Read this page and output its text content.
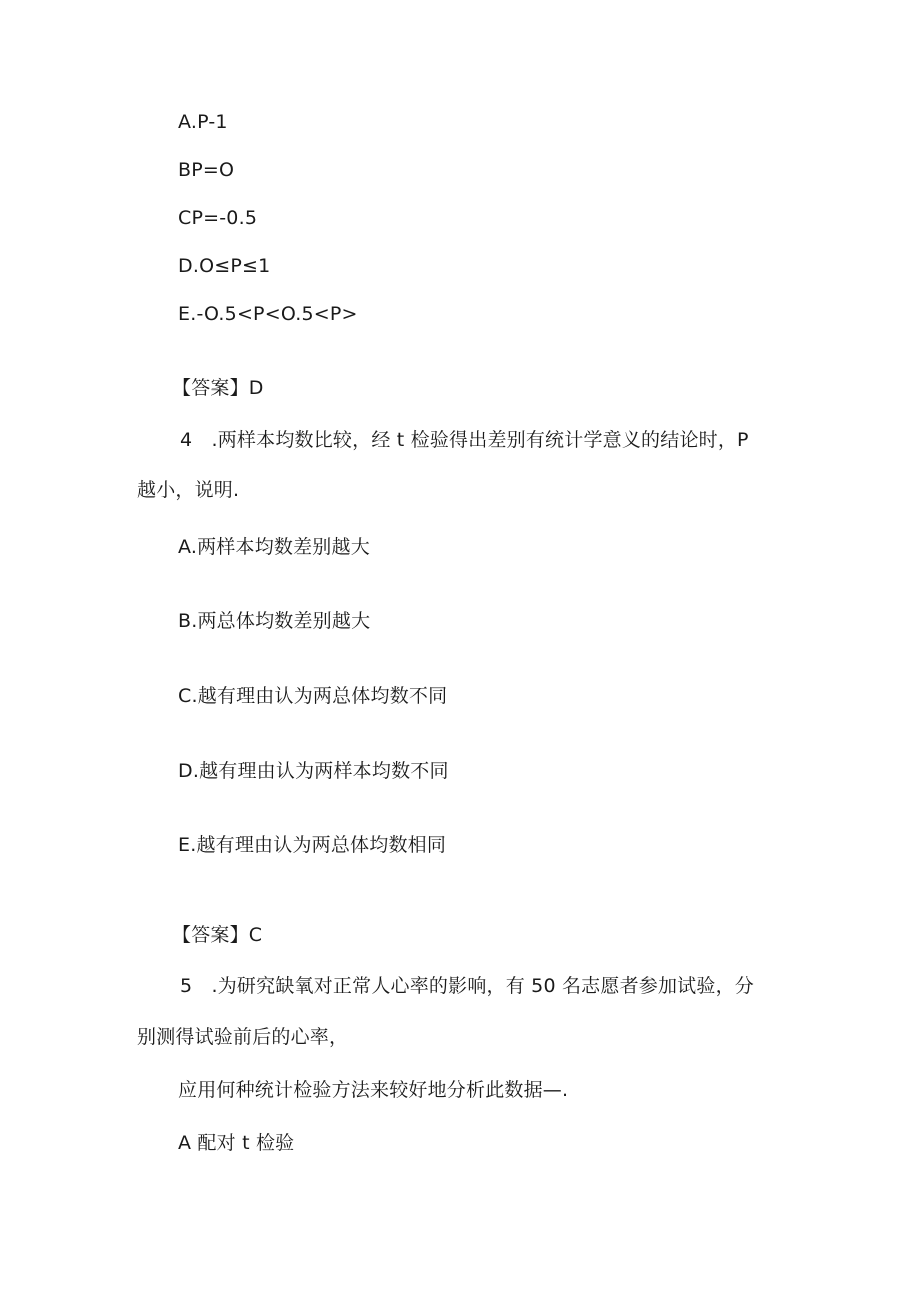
A.P-1
BP=O
CP=-0.5
D.O≤P≤1
E.-O.5<P<O.5<P>
【答案】D
4　.两样本均数比较，经 t 检验得出差别有统计学意义的结论时，P
越小，说明.
A.两样本均数差别越大
B.两总体均数差别越大
C.越有理由认为两总体均数不同
D.越有理由认为两样本均数不同
E.越有理由认为两总体均数相同
【答案】C
5　.为研究缺氧对正常人心率的影响，有 50 名志愿者参加试验，分
别测得试验前后的心率，
应用何种统计检验方法来较好地分析此数据—.
A 配对 t 检验
